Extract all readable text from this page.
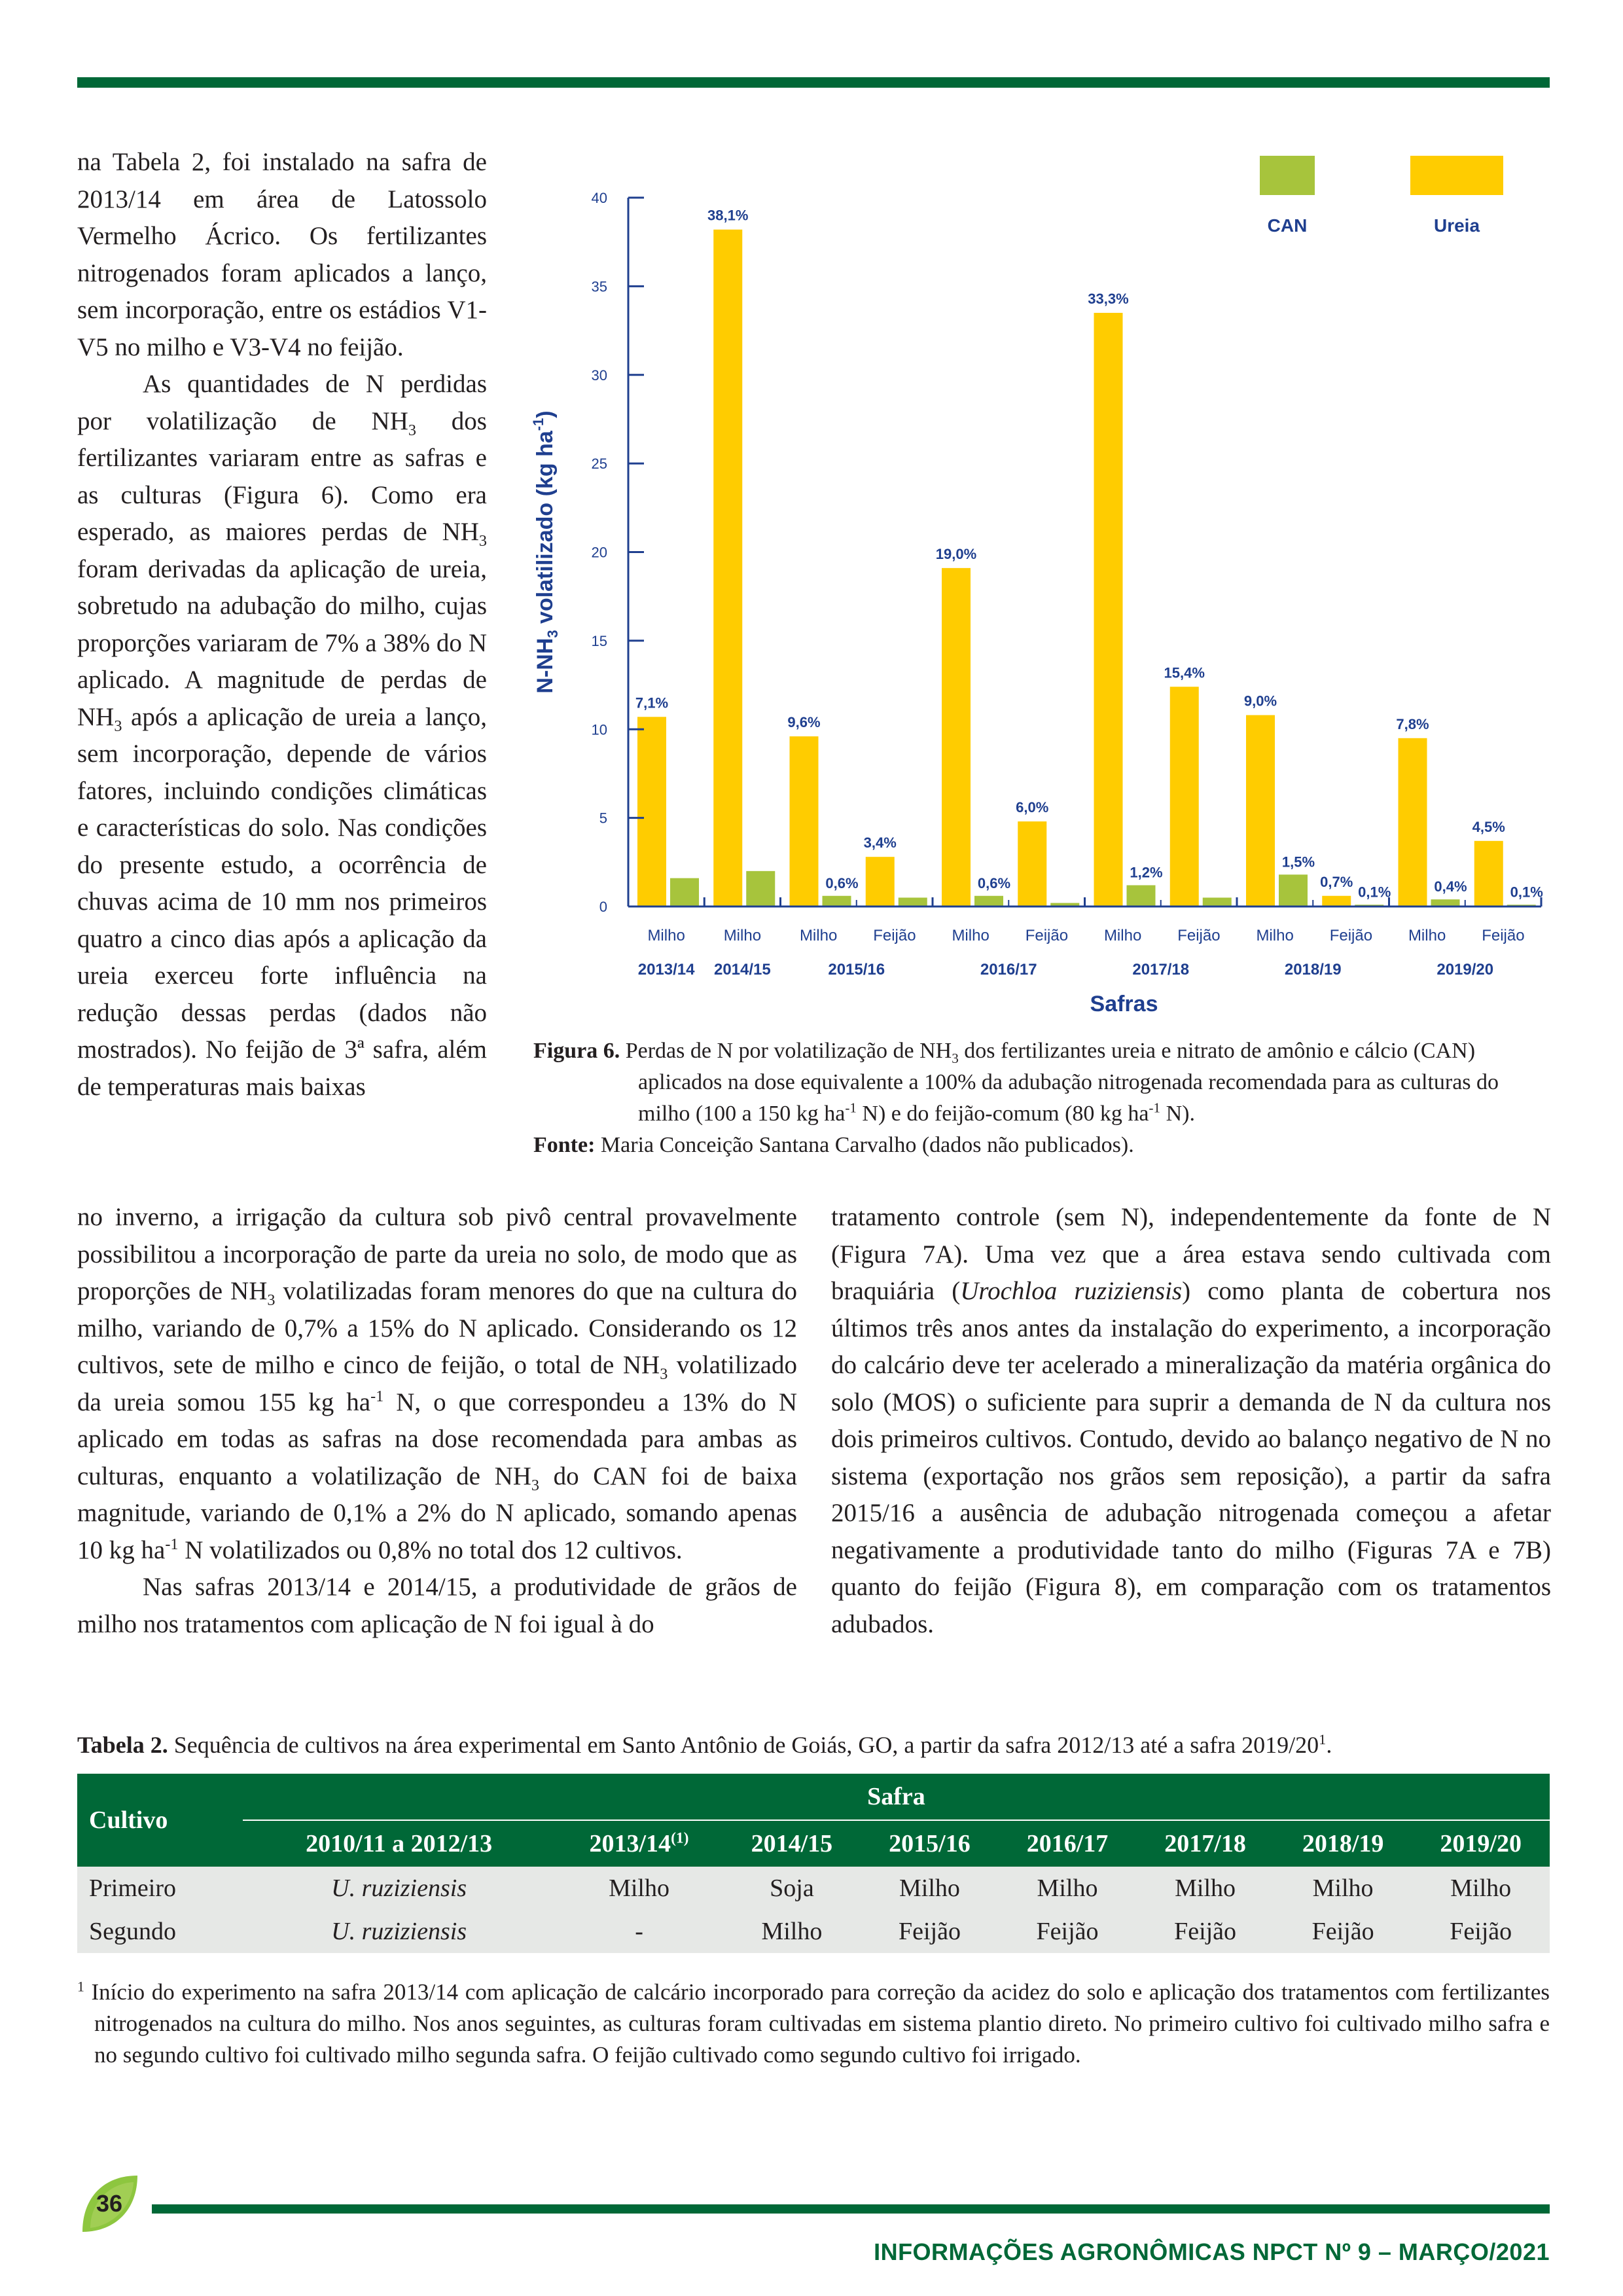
na Tabela 2, foi instalado na safra de 2013/14 em área de Latossolo Vermelho Ácrico. Os fertilizantes nitrogenados foram aplicados a lanço, sem incorporação, entre os estádios V1-V5 no milho e V3-V4 no feijão.

As quantidades de N perdidas por volatilização de $NH_3$ dos fertilizantes variaram entre as safras e as culturas (Figura 6). Como era esperado, as maiores perdas de $NH_3$ foram derivadas da aplicação de ureia, sobretudo na adubação do milho, cujas proporções variaram de 7% a 38% do N aplicado. A magnitude de perdas de $NH_3$ após a aplicação de ureia a lanço, sem incorporação, depende de vários fatores, incluindo condições climáticas e características do solo. Nas condições do presente estudo, a ocorrência de chuvas acima de 10 mm nos primeiros quatro a cinco dias após a aplicação da ureia exerceu forte influência na redução dessas perdas (dados não mostrados). No feijão de 3ª safra, além de temperaturas mais baixas

7,1%
38,1%
9,6%
0,6%
3,4%
19,0%
0,6%
6,0%
33,3%
1,2%
15,4%
9,0%
1,5%
0,7%
0,1%
7,8%
0,4%
4,5%
0,1%
0
5
10
15
20
25
30
35
40
$N-NH_3$ volatilizado (kg $ha^{-1}$)
Milho Milho Milho Feijão Milho Feijão Milho Feijão Milho Feijão Milho Feijão
2013/14 2014/15	2015/16	2016/17	2017/18	2018/19	2019/20
Safras
CAN	Ureia
Figura 6. Perdas de N por volatilização de $NH_3$ dos fertilizantes ureia e nitrato de amônio e cálcio (CAN) aplicados na dose equivalente a 100% da adubação nitrogenada recomendada para as culturas do milho (100 a 150 kg $ha^{-1}$ N) e do feijão-comum (80 kg $ha^{-1}$ N).
Fonte: Maria Conceição Santana Carvalho (dados não publicados).

no inverno, a irrigação da cultura sob pivô central provavelmente possibilitou a incorporação de parte da ureia no solo, de modo que as proporções de $NH_3$ volatilizadas foram menores do que na cultura do milho, variando de 0,7% a 15% do N aplicado. Considerando os 12 cultivos, sete de milho e cinco de feijão, o total de $NH_3$ volatilizado da ureia somou 155 kg $ha^{-1}$ N, o que correspondeu a 13% do N aplicado em todas as safras na dose recomendada para ambas as culturas, enquanto a volatilização de $NH_3$ do CAN foi de baixa magnitude, variando de 0,1% a 2% do N aplicado, somando apenas 10 kg $ha^{-1}$ N volatilizados ou 0,8% no total dos 12 cultivos.

Nas safras 2013/14 e 2014/15, a produtividade de grãos de milho nos tratamentos com aplicação de N foi igual à do

tratamento controle (sem N), independentemente da fonte de N (Figura 7A). Uma vez que a área estava sendo cultivada com braquiária (Urochloa ruziziensis) como planta de cobertura nos últimos três anos antes da instalação do experimento, a incorporação do calcário deve ter acelerado a mineralização da matéria orgânica do solo (MOS) o suficiente para suprir a demanda de N da cultura nos dois primeiros cultivos. Contudo, devido ao balanço negativo de N no sistema (exportação nos grãos sem reposição), a partir da safra 2015/16 a ausência de adubação nitrogenada começou a afetar negativamente a produtividade tanto do milho (Figuras 7A e 7B) quanto do feijão (Figura 8), em comparação com os tratamentos adubados.

Tabela 2. Sequência de cultivos na área experimental em Santo Antônio de Goiás, GO, a partir da safra 2012/13 até a safra $2019/20^1$.
Cultivo	Safra							
	2010/11 a 2012/13	2013/14$^{(1)}$	2014/15	2015/16	2016/17	2017/18	2018/19	2019/20
Primeiro	U. ruziziensis	Milho	Soja	Milho	Milho	Milho	Milho	Milho
Segundo	U. ruziziensis	-	Milho	Feijão	Feijão	Feijão	Feijão	Feijão

$^1$ Início do experimento na safra 2013/14 com aplicação de calcário incorporado para correção da acidez do solo e aplicação dos tratamentos com fertilizantes nitrogenados na cultura do milho. Nos anos seguintes, as culturas foram cultivadas em sistema plantio direto. No primeiro cultivo foi cultivado milho safra e no segundo cultivo foi cultivado milho segunda safra. O feijão cultivado como segundo cultivo foi irrigado.

36
INFORMAÇÕES AGRONÔMICAS NPCT Nº 9 – MARÇO/2021
